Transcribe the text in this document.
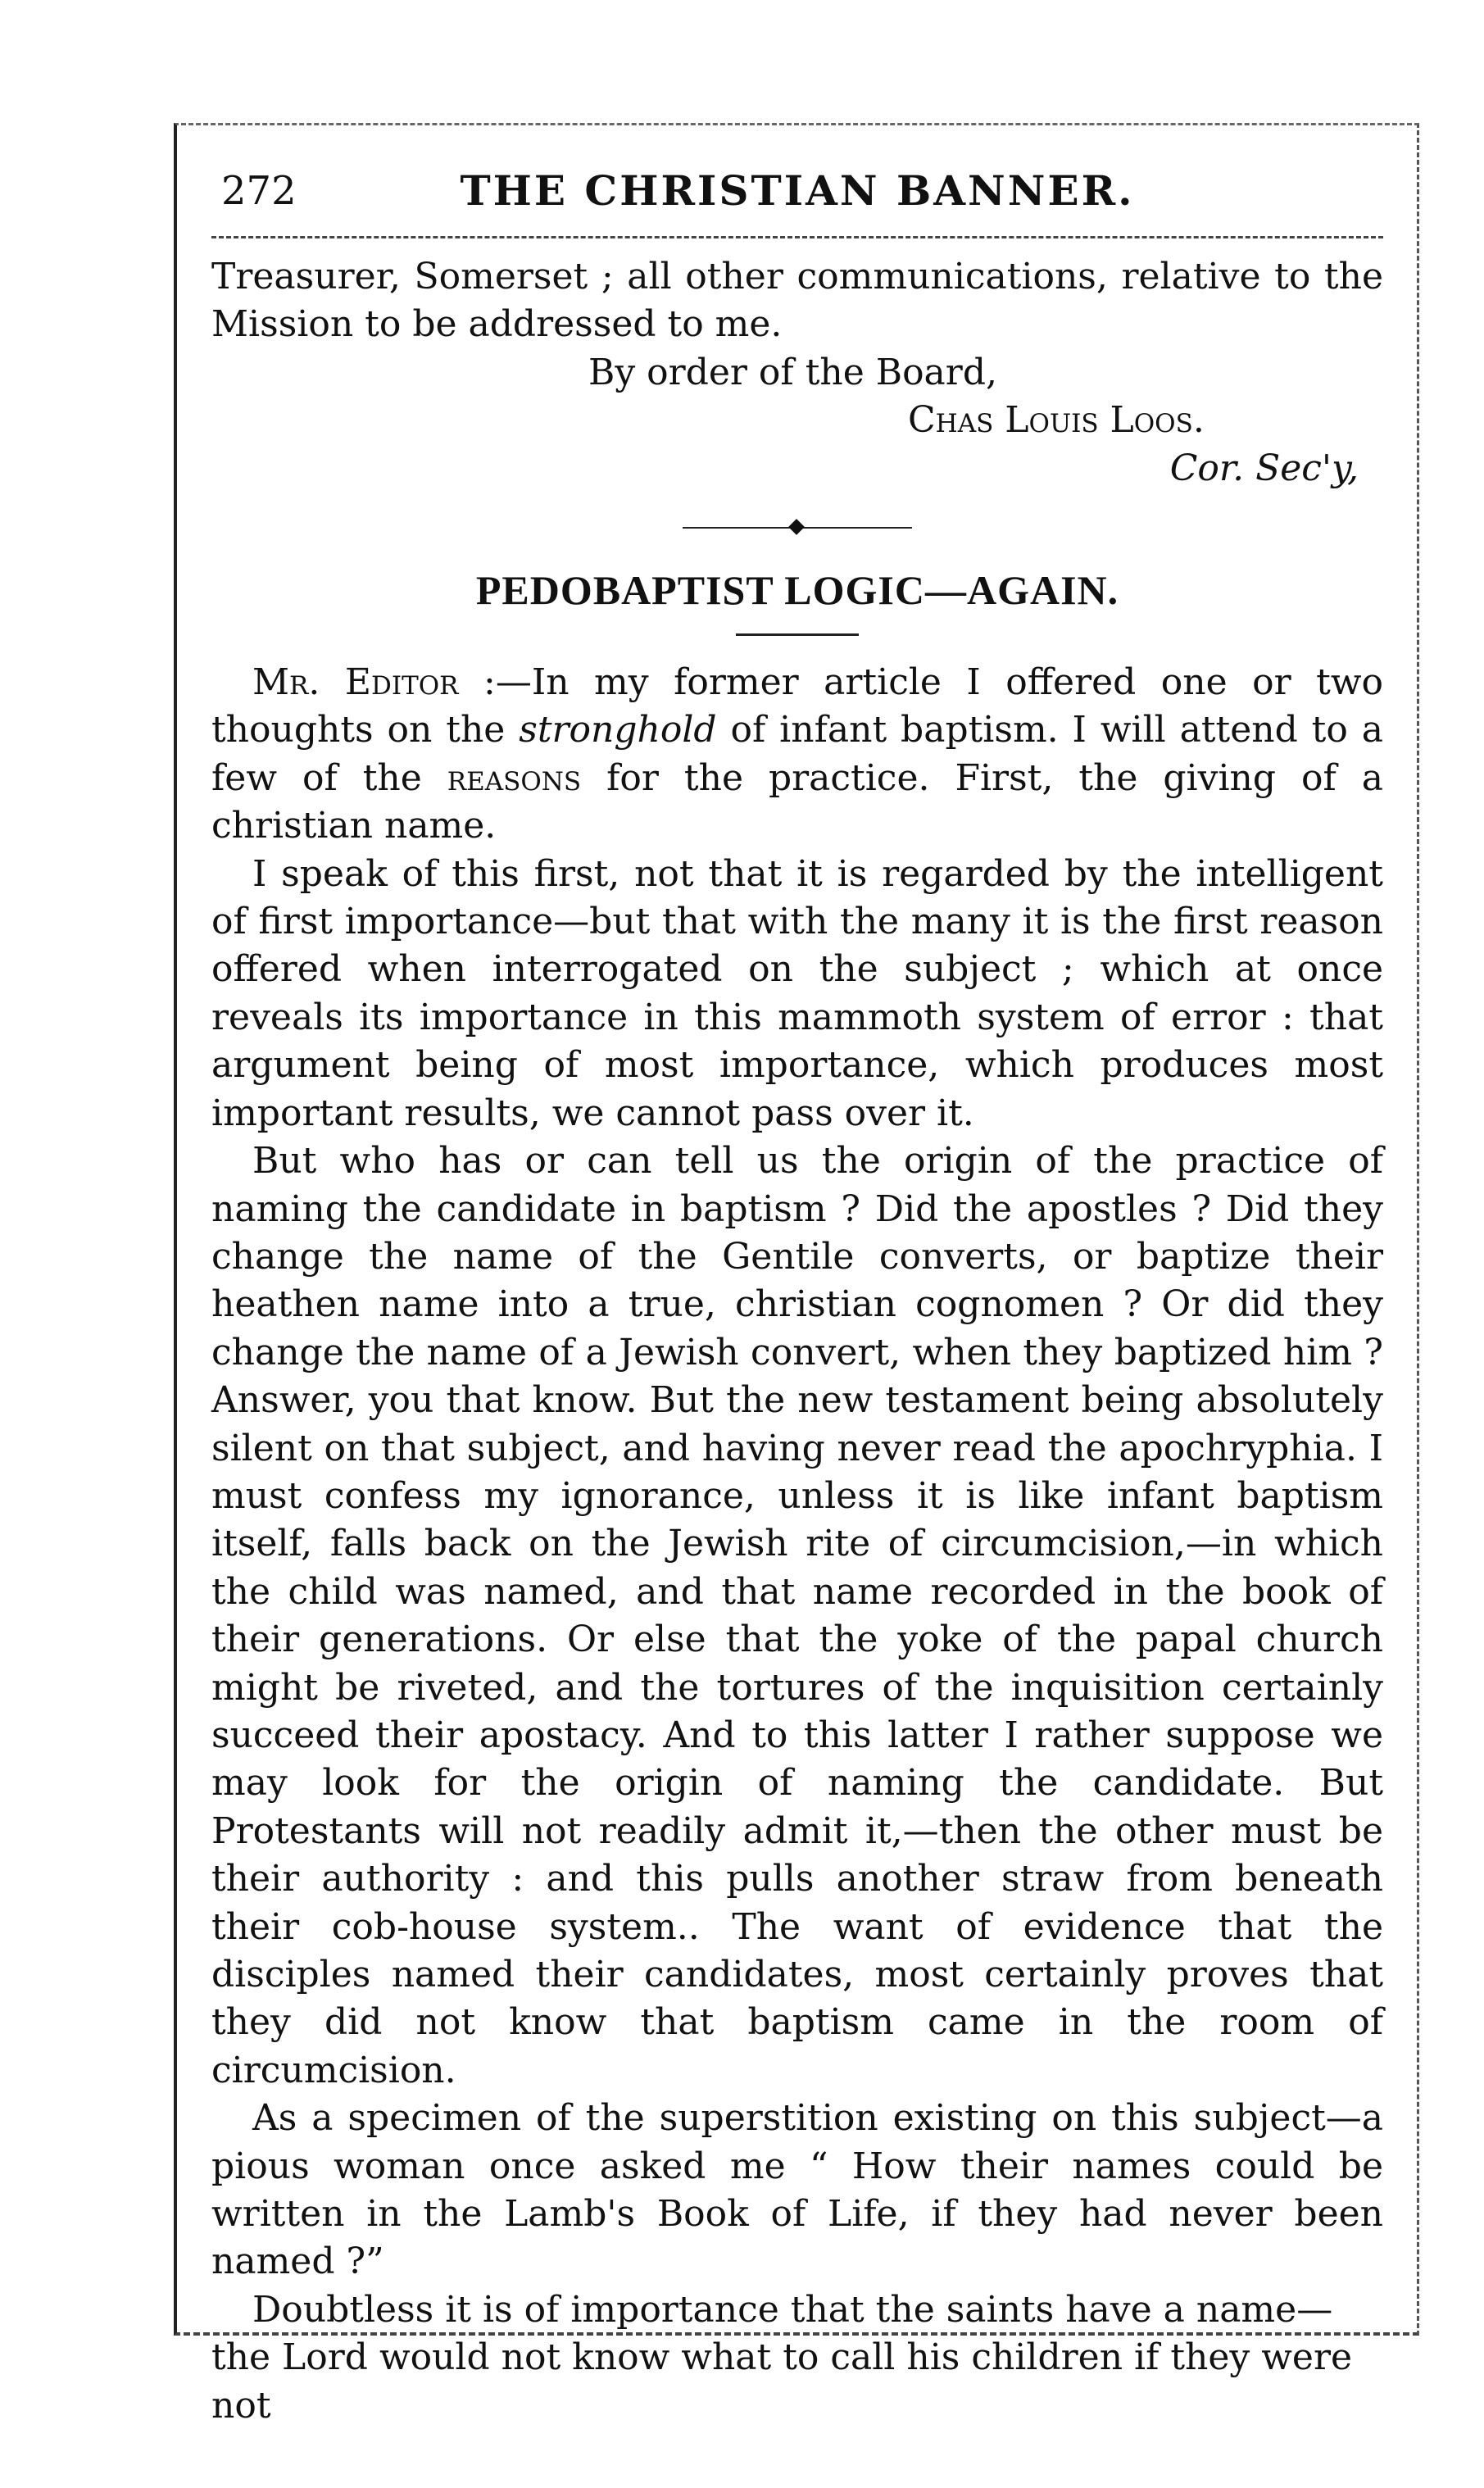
272	THE CHRISTIAN BANNER.

Treasurer, Somerset ; all other communications, relative to the Mission to be addressed to me.

By order of the Board,

Chas Louis Loos.

Cor. Sec'y,

PEDOBAPTIST LOGIC—AGAIN.

Mr. Editor :—In my former article I offered one or two thoughts on the stronghold of infant baptism. I will attend to a few of the reasons for the practice. First, the giving of a christian name.

I speak of this first, not that it is regarded by the intelligent of first importance—but that with the many it is the first reason offered when interrogated on the subject ; which at once reveals its importance in this mammoth system of error : that argument being of most importance, which produces most important results, we cannot pass over it.

But who has or can tell us the origin of the practice of naming the candidate in baptism ? Did the apostles ? Did they change the name of the Gentile converts, or baptize their heathen name into a true, christian cognomen ? Or did they change the name of a Jewish convert, when they baptized him ? Answer, you that know. But the new testament being absolutely silent on that subject, and having never read the apochryphia. I must confess my ignorance, unless it is like infant baptism itself, falls back on the Jewish rite of circumcision,—in which the child was named, and that name recorded in the book of their generations. Or else that the yoke of the papal church might be riveted, and the tortures of the inquisition certainly succeed their apostacy. And to this latter I rather suppose we may look for the origin of naming the candidate. But Protestants will not readily admit it,—then the other must be their authority : and this pulls another straw from beneath their cob-house system.. The want of evidence that the disciples named their candidates, most certainly proves that they did not know that baptism came in the room of circumcision.

As a specimen of the superstition existing on this subject—a pious woman once asked me “ How their names could be written in the Lamb's Book of Life, if they had never been named ?”

Doubtless it is of importance that the saints have a name—the Lord would not know what to call his children if they were not
